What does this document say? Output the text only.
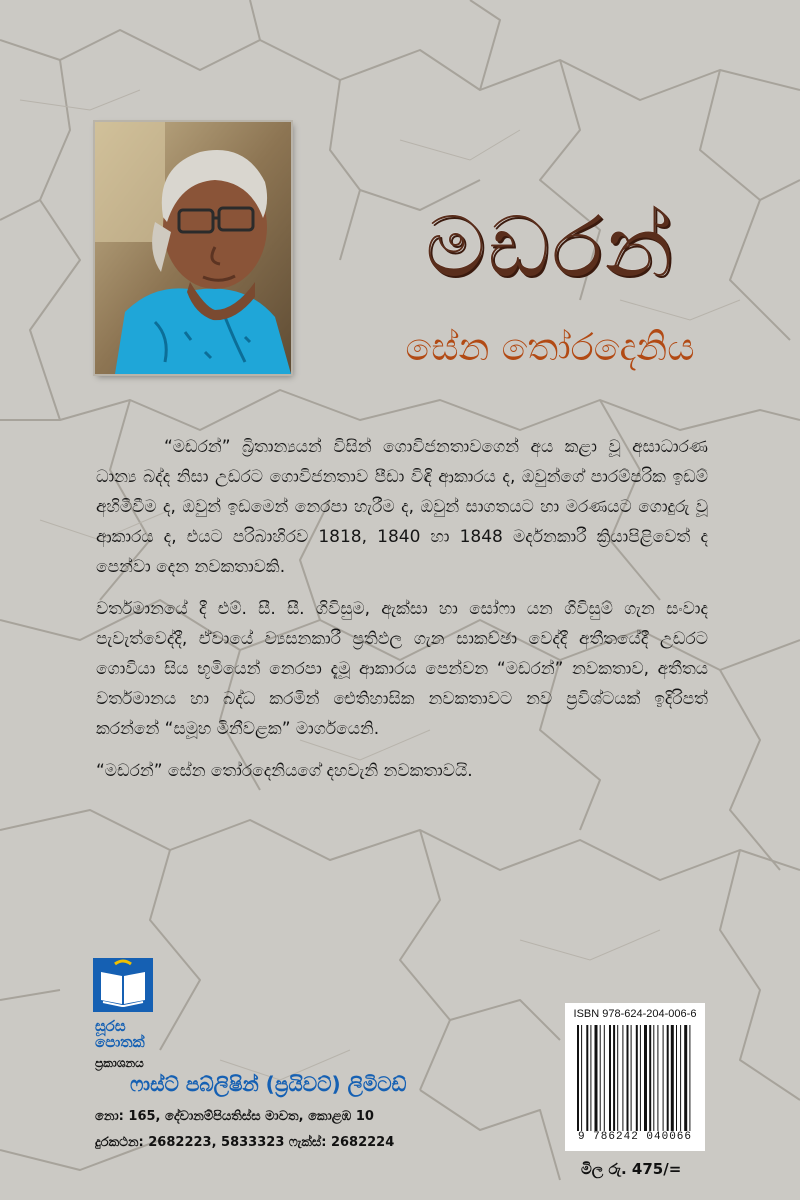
මඩරන්
සේන තෝරදෙනිය

“මඩරන්” බ්‍රිතාන්‍යයන් විසින් ගොවිජනතාවගෙන් අය කළා වූ අසාධාරණ ධාන්‍ය බද්ද නිසා උඩරට ගොවිජනතාව පීඩා විඳි ආකාරය ද, ඔවුන්ගේ පාරම්පරික ඉඩම් අහිමිවීම ද, ඔවුන් ඉඩමෙන් නෙරපා හැරීම ද, ඔවුන් සාගතයට හා මරණයට ගොදුරු වූ ආකාරය ද, එයට පරිබාහිරව 1818, 1840 හා 1848 මර්දනකාරී ක්‍රියාපිළිවෙත් ද පෙන්වා දෙන නවකතාවකි.

වර්තමානයේ දී එම්. සී. සී. ගිවිසුම, ඇක්සා හා සෝෆා යන ගිවිසුම් ගැන සංවාද පැවැත්වෙද්දී, ඒවායේ ව්‍යසනකාරී ප්‍රතිඵල ගැන සාකච්ඡා වෙද්දී අතීතයේදී උඩරට ගොවියා සිය භූමියෙන් නෙරපා දැමූ ආකාරය පෙන්වන “මඩරන්” නවකතාව, අතීතය වර්තමානය හා බද්ධ කරමින් ඓතිහාසික නවකතාවට නව ප්‍රවිශ්ටයක් ඉදිරිපත් කරන්නේ “සමූහ මිනීවළක” මාර්ගයෙනි.

“මඩරන්” සේන තෝරදෙනියගේ දහවැනි නවකතාවයි.

සූරස
පොතක්
ප්‍රකාශනය
ෆාස්ට් පබ්ලිෂින් (ප්‍රයිවට්) ලිමිටඩ්
නො: 165, දේවානම්පියතිස්ස මාවත, කොළඹ 10
දුරකථන: 2682223, 5833323 ෆැක්ස්: 2682224
ISBN 978-624-204-006-6
9 786242 040066
මිල රු. 475/=
